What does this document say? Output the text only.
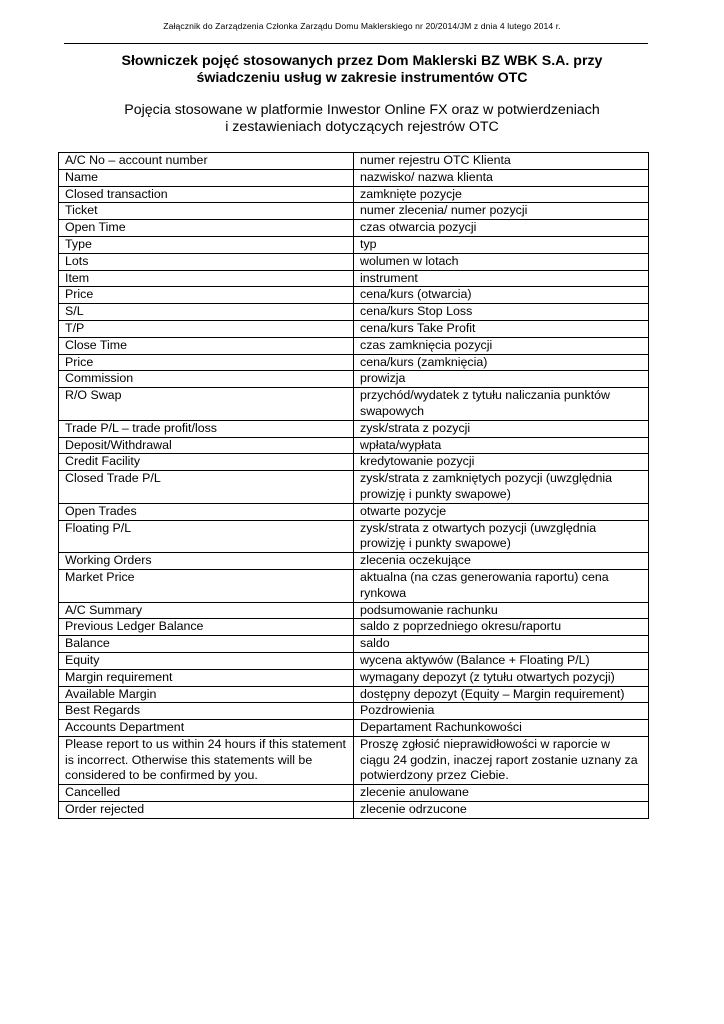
Załącznik do Zarządzenia Członka Zarządu Domu Maklerskiego nr 20/2014/JM z dnia 4 lutego 2014 r.
Słowniczek pojęć stosowanych przez Dom Maklerski BZ WBK S.A. przy
świadczeniu usług w zakresie instrumentów OTC
Pojęcia stosowane w platformie Inwestor Online FX oraz w potwierdzeniach
i zestawieniach dotyczących rejestrów OTC
A/C No – account number	numer rejestru OTC Klienta
Name	nazwisko/ nazwa klienta
Closed transaction	zamknięte pozycje
Ticket	numer zlecenia/ numer pozycji
Open Time	czas otwarcia pozycji
Type	typ
Lots	wolumen w lotach
Item	instrument
Price	cena/kurs (otwarcia)
S/L	cena/kurs Stop Loss
T/P	cena/kurs Take Profit
Close Time	czas zamknięcia pozycji
Price	cena/kurs (zamknięcia)
Commission	prowizja
R/O Swap	przychód/wydatek z tytułu naliczania punktów swapowych
Trade P/L – trade profit/loss	zysk/strata z pozycji
Deposit/Withdrawal	wpłata/wypłata
Credit Facility	kredytowanie pozycji
Closed Trade P/L	zysk/strata z zamkniętych pozycji (uwzględnia prowizję i punkty swapowe)
Open Trades	otwarte pozycje
Floating P/L	zysk/strata z otwartych pozycji (uwzględnia prowizję i punkty swapowe)
Working Orders	zlecenia oczekujące
Market Price	aktualna (na czas generowania raportu) cena rynkowa
A/C Summary	podsumowanie rachunku
Previous Ledger Balance	saldo z poprzedniego okresu/raportu
Balance	saldo
Equity	wycena aktywów (Balance + Floating P/L)
Margin requirement	wymagany depozyt (z tytułu otwartych pozycji)
Available Margin	dostępny depozyt (Equity – Margin requirement)
Best Regards	Pozdrowienia
Accounts Department	Departament Rachunkowości
Please report to us within 24 hours if this statement is incorrect. Otherwise this statements will be considered to be confirmed by you.	Proszę zgłosić nieprawidłowości w raporcie w ciągu 24 godzin, inaczej raport zostanie uznany za potwierdzony przez Ciebie.
Cancelled	zlecenie anulowane
Order rejected	zlecenie odrzucone
